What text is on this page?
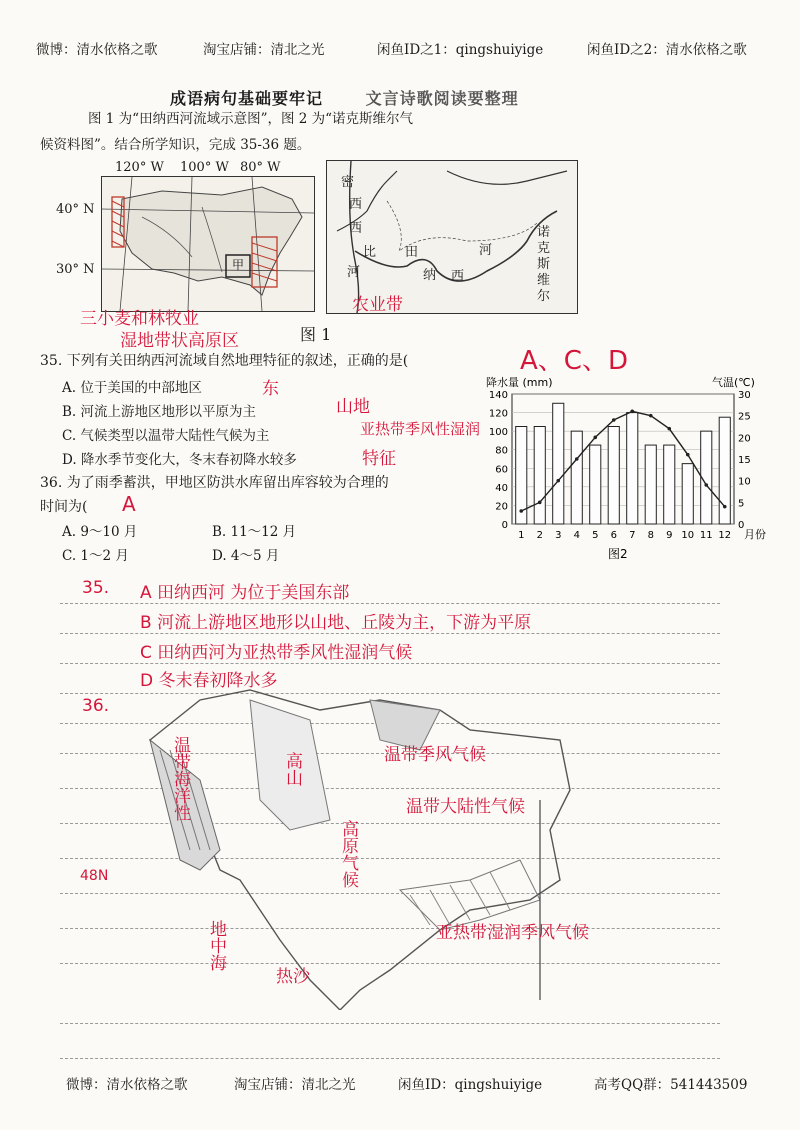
微博：清水依格之歌	淘宝店铺：清北之光	闲鱼ID之1：qingshuiyige	闲鱼ID之2：清水依格之歌
成语病句基础要牢记	文言诗歌阅读要整理
图 1 为“田纳西河流域示意图”，图 2 为“诺克斯维尔气
候资料图”。结合所学知识，完成 35-36 题。
120° W 100° W 80° W
40° N
30° N	甲
密
西
西
比
河
田	河
纳 西
诺
克
斯
维
尔
图 1
三小麦和林牧业
湿地带状高原区
农业带
A、C、D
35. 下列有关田纳西河流域自然地理特征的叙述，正确的是(
A. 位于美国的中部地区
B. 河流上游地区地形以平原为主
C. 气候类型以温带大陆性气候为主
D. 降水季节变化大，冬末春初降水较多
东
山地
亚热带季风性湿润
特征
36. 为了雨季蓄洪，甲地区防洪水库留出库容较为合理的
时间为( A
A. 9～10 月	B. 11～12 月
C. 1～2 月	D. 4～5 月
降水量 (mm)	气温(℃)
月份
图2
0
20
40
60
80
100
120
140
0
5
10
15
20
25
30
1 2 3 4 5 6 7 8 9 10 11 12
35. A 田纳西河 为位于美国东部
B 河流上游地区地形以山地、丘陵为主，下游为平原
C 田纳西河为亚热带季风性湿润气候
D 冬末春初降水多
36.
48N
温带海洋性	高山
高原气候
温带季风气候
温带大陆性气候
亚热带湿润季风气候
地中海
热沙
微博：清水依格之歌	淘宝店铺：清北之光	闲鱼ID：qingshuiyige	高考QQ群：541443509
